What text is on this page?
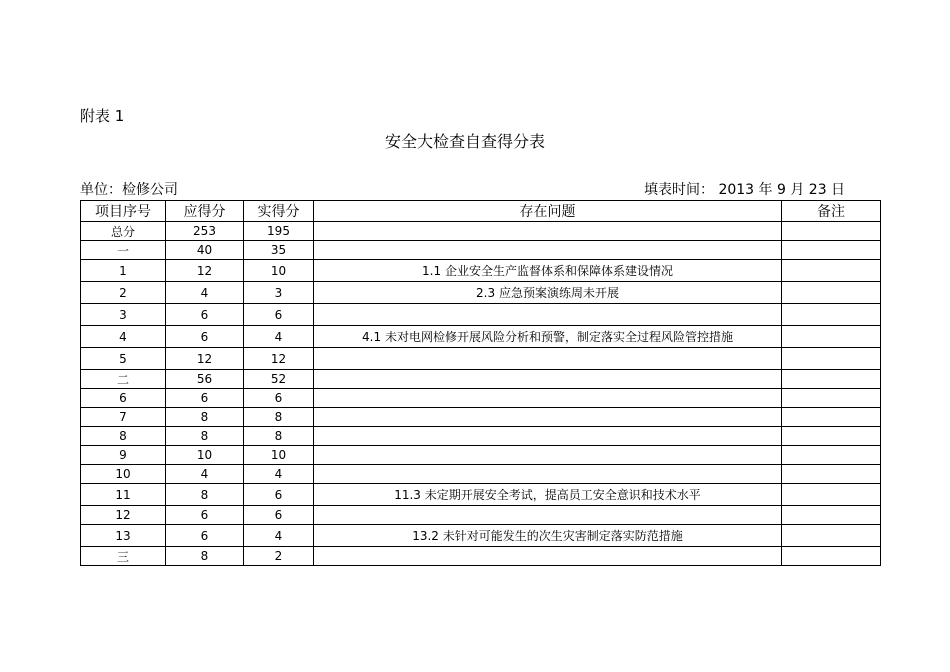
附表 1
安全大检查自查得分表
单位：检修公司	填表时间： 2013 年 9 月 23 日
项目序号	应得分	实得分	存在问题	备注
总分	253	195		
一	40	35		
1	12	10	1.1 企业安全生产监督体系和保障体系建设情况	
2	4	3	2.3 应急预案演练周未开展	
3	6	6		
4	6	4	4.1 未对电网检修开展风险分析和预警，制定落实全过程风险管控措施	
5	12	12		
二	56	52		
6	6	6		
7	8	8		
8	8	8		
9	10	10		
10	4	4		
11	8	6	11.3 未定期开展安全考试，提高员工安全意识和技术水平	
12	6	6		
13	6	4	13.2 未针对可能发生的次生灾害制定落实防范措施	
三	8	2		
